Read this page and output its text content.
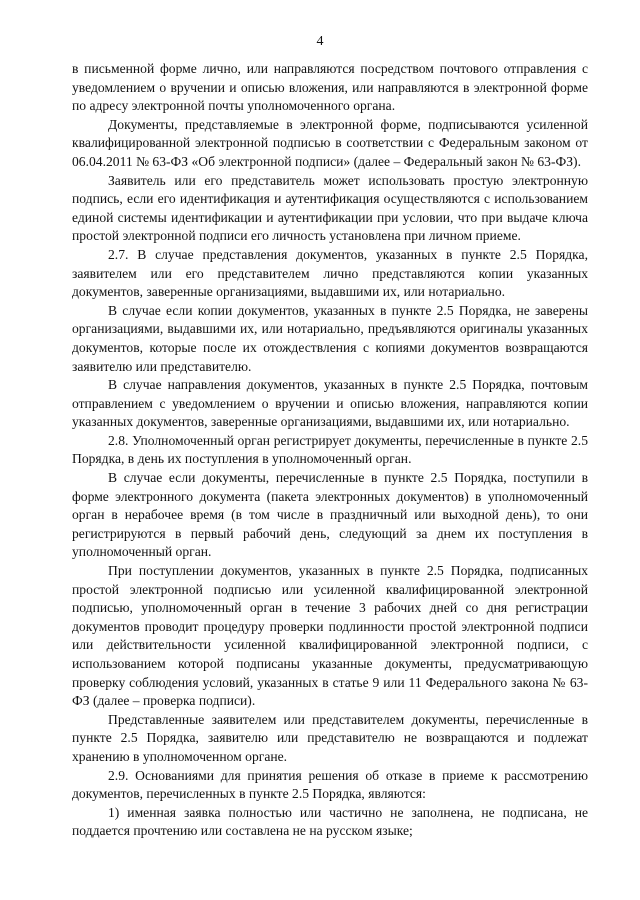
4

в письменной форме лично, или направляются посредством почтового отправления с уведомлением о вручении и описью вложения, или направляются в электронной форме по адресу электронной почты уполномоченного органа.

Документы, представляемые в электронной форме, подписываются усиленной квалифицированной электронной подписью в соответствии с Федеральным законом от 06.04.2011 № 63-ФЗ «Об электронной подписи» (далее – Федеральный закон № 63-ФЗ).

Заявитель или его представитель может использовать простую электронную подпись, если его идентификация и аутентификация осуществляются с использованием единой системы идентификации и аутентификации при условии, что при выдаче ключа простой электронной подписи его личность установлена при личном приеме.

2.7. В случае представления документов, указанных в пункте 2.5 Порядка, заявителем или его представителем лично представляются копии указанных документов, заверенные организациями, выдавшими их, или нотариально.

В случае если копии документов, указанных в пункте 2.5 Порядка, не заверены организациями, выдавшими их, или нотариально, предъявляются оригиналы указанных документов, которые после их отождествления с копиями документов возвращаются заявителю или представителю.

В случае направления документов, указанных в пункте 2.5 Порядка, почтовым отправлением с уведомлением о вручении и описью вложения, направляются копии указанных документов, заверенные организациями, выдавшими их, или нотариально.

2.8. Уполномоченный орган регистрирует документы, перечисленные в пункте 2.5 Порядка, в день их поступления в уполномоченный орган.

В случае если документы, перечисленные в пункте 2.5 Порядка, поступили в форме электронного документа (пакета электронных документов) в уполномоченный орган в нерабочее время (в том числе в праздничный или выходной день), то они регистрируются в первый рабочий день, следующий за днем их поступления в уполномоченный орган.

При поступлении документов, указанных в пункте 2.5 Порядка, подписанных простой электронной подписью или усиленной квалифицированной электронной подписью, уполномоченный орган в течение 3 рабочих дней со дня регистрации документов проводит процедуру проверки подлинности простой электронной подписи или действительности усиленной квалифицированной электронной подписи, с использованием которой подписаны указанные документы, предусматривающую проверку соблюдения условий, указанных в статье 9 или 11 Федерального закона № 63-ФЗ (далее – проверка подписи).

Представленные заявителем или представителем документы, перечисленные в пункте 2.5 Порядка, заявителю или представителю не возвращаются и подлежат хранению в уполномоченном органе.

2.9. Основаниями для принятия решения об отказе в приеме к рассмотрению документов, перечисленных в пункте 2.5 Порядка, являются:

1) именная заявка полностью или частично не заполнена, не подписана, не поддается прочтению или составлена не на русском языке;
